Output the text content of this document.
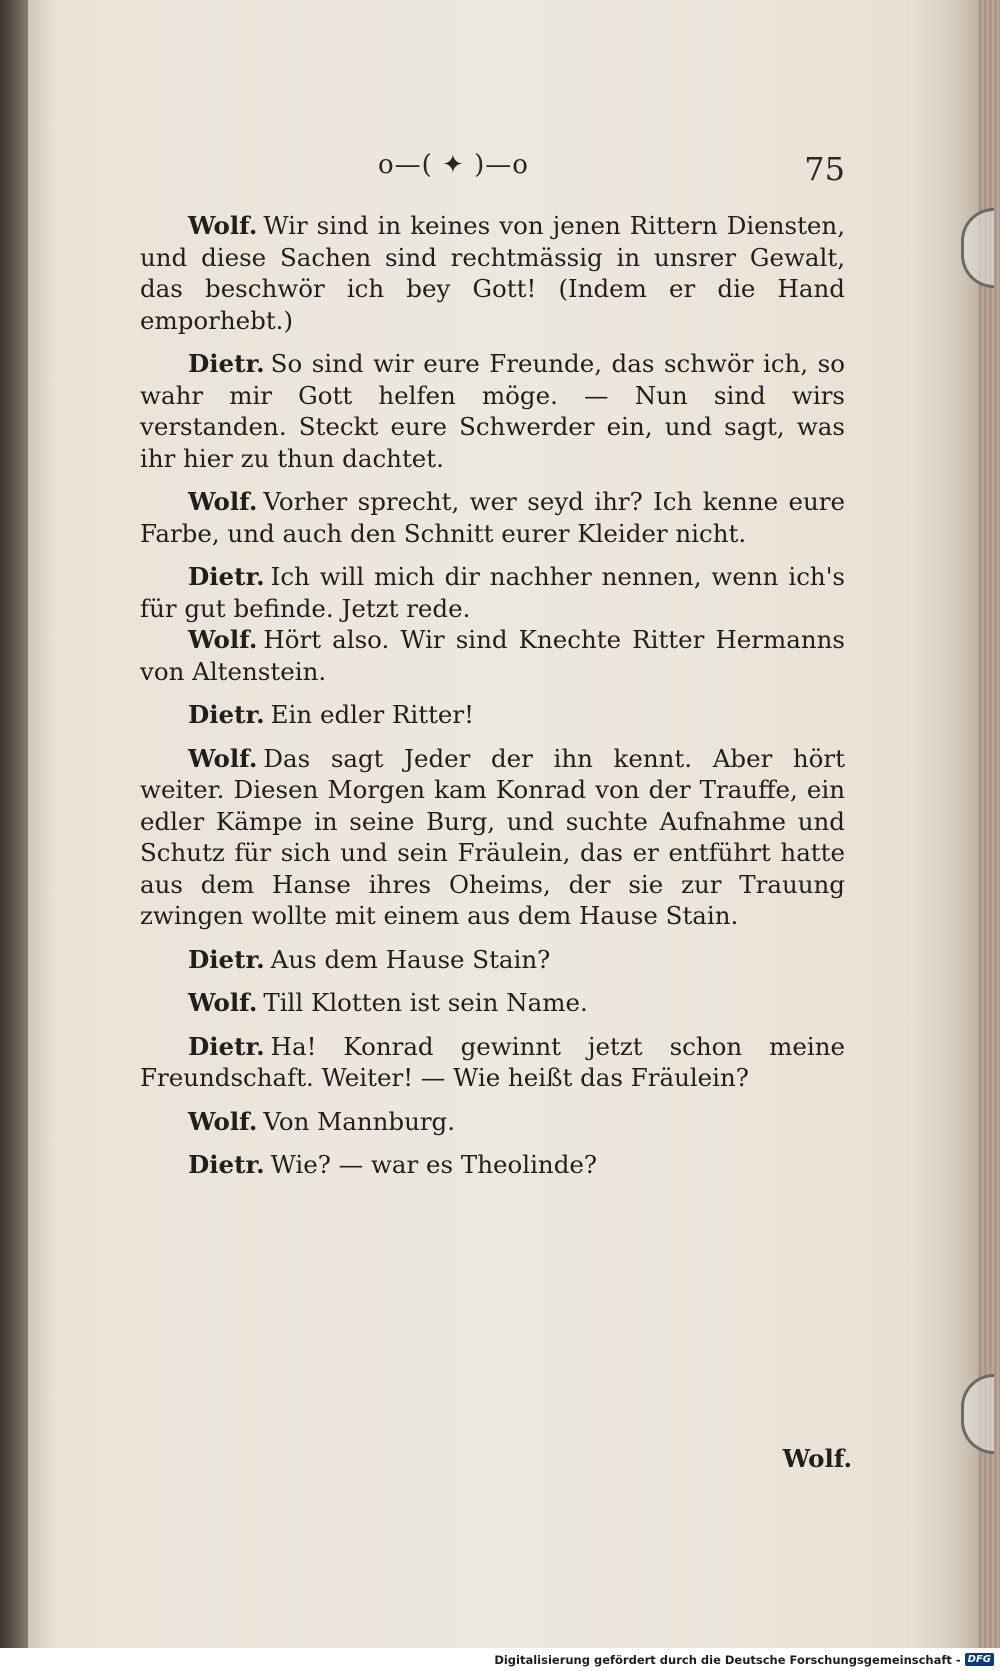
o—( ✦ )—o	75

Wolf. Wir sind in keines von jenen Rittern Diensten, und diese Sachen sind rechtmässig in unsrer Gewalt, das beschwör ich bey Gott! (Indem er die Hand emporhebt.)

Dietr. So sind wir eure Freunde, das schwör ich, so wahr mir Gott helfen möge. — Nun sind wirs verstanden. Steckt eure Schwerder ein, und sagt, was ihr hier zu thun dachtet.

Wolf. Vorher sprecht, wer seyd ihr? Ich kenne eure Farbe, und auch den Schnitt eurer Kleider nicht.

Dietr. Ich will mich dir nachher nennen, wenn ich's für gut befinde. Jetzt rede.

Wolf. Hört also. Wir sind Knechte Ritter Hermanns von Altenstein.

Dietr. Ein edler Ritter!

Wolf. Das sagt Jeder der ihn kennt. Aber hört weiter. Diesen Morgen kam Konrad von der Trauffe, ein edler Kämpe in seine Burg, und suchte Aufnahme und Schutz für sich und sein Fräulein, das er entführt hatte aus dem Hanse ihres Oheims, der sie zur Trauung zwingen wollte mit einem aus dem Hause Stain.

Dietr. Aus dem Hause Stain?

Wolf. Till Klotten ist sein Name.

Dietr. Ha! Konrad gewinnt jetzt schon meine Freundschaft. Weiter! — Wie heißt das Fräulein?

Wolf. Von Mannburg.

Dietr. Wie? — war es Theolinde?

Wolf.
Digitalisierung gefördert durch die Deutsche Forschungsgemeinschaft - DFG
